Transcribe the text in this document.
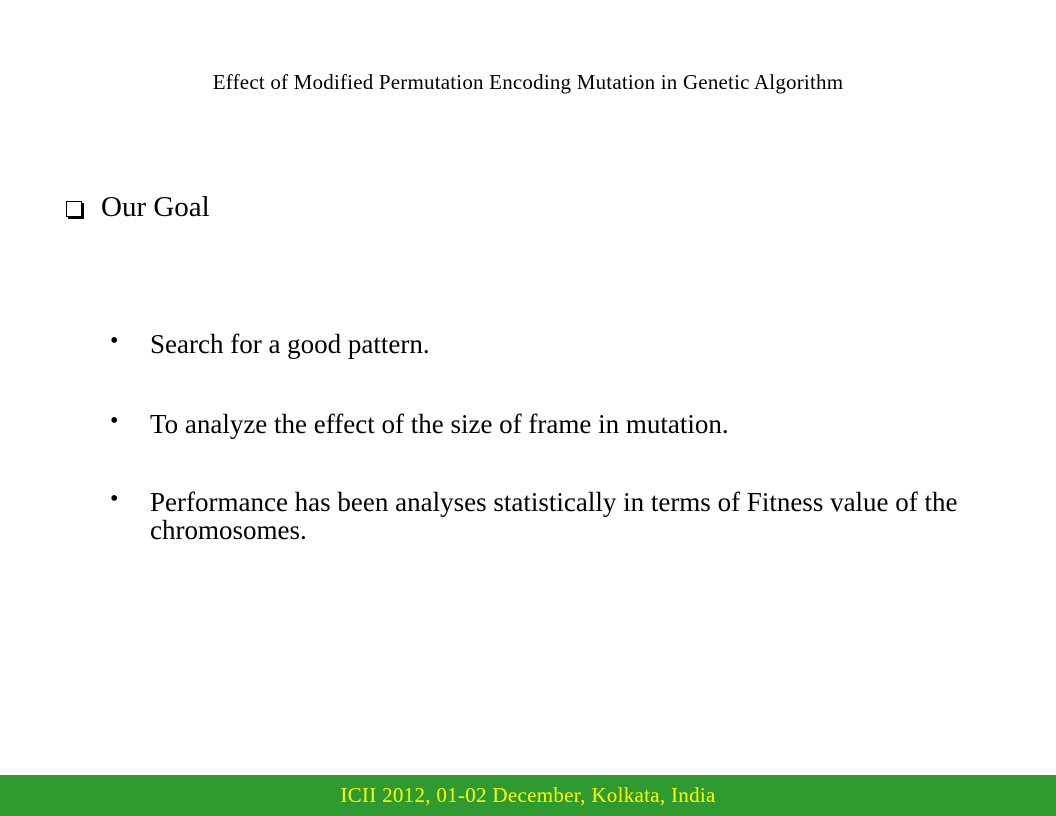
Effect of Modified Permutation Encoding Mutation in Genetic Algorithm
Our Goal
• Search for a good pattern.
• To analyze the effect of the size of frame in mutation.
• Performance has been analyses statistically in terms of Fitness value of the chromosomes.
ICII 2012, 01-02 December, Kolkata, India
